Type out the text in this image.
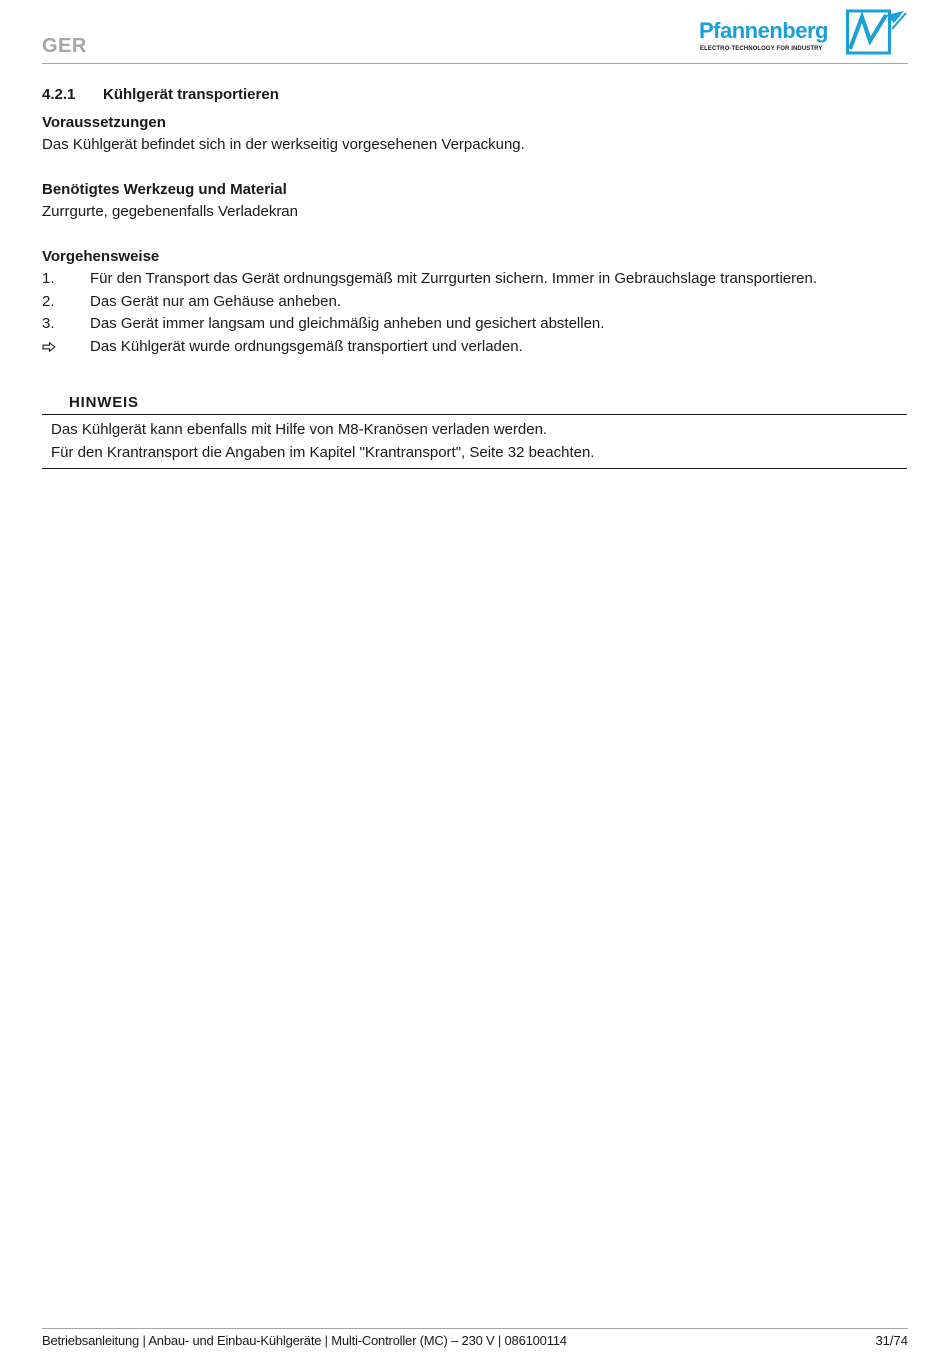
GER
Pfannenberg
ELECTRO-TECHNOLOGY FOR INDUSTRY
4.2.1	Kühlgerät transportieren
Voraussetzungen

Das Kühlgerät befindet sich in der werkseitig vorgesehenen Verpackung.

Benötigtes Werkzeug und Material

Zurrgurte, gegebenenfalls Verladekran

Vorgehensweise
1.	Für den Transport das Gerät ordnungsgemäß mit Zurrgurten sichern. Immer in Gebrauchslage transportieren.
2.	Das Gerät nur am Gehäuse anheben.
3.	Das Gerät immer langsam und gleichmäßig anheben und gesichert abstellen.
Das Kühlgerät wurde ordnungsgemäß transportiert und verladen.
HINWEIS
Das Kühlgerät kann ebenfalls mit Hilfe von M8-Kranösen verladen werden.
Für den Krantransport die Angaben im Kapitel "Krantransport", Seite 32 beachten.
Betriebsanleitung | Anbau- und Einbau-Kühlgeräte | Multi-Controller (MC) – 230 V | 086100114	31/74
